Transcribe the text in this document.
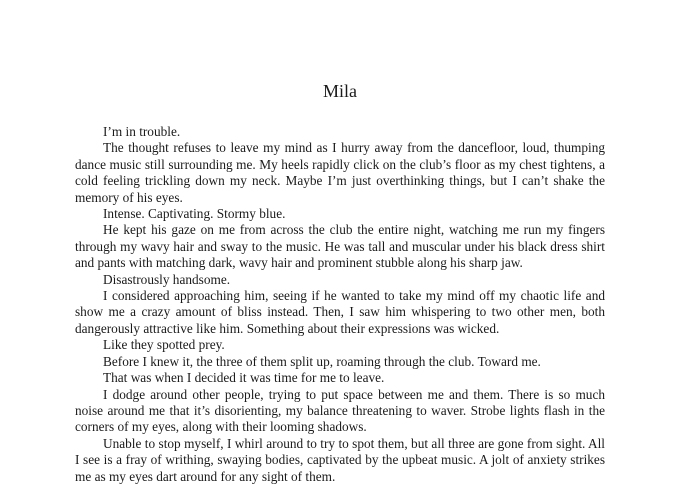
Mila

I’m in trouble.

The thought refuses to leave my mind as I hurry away from the dancefloor, loud, thumping dance music still surrounding me. My heels rapidly click on the club’s floor as my chest tightens, a cold feeling trickling down my neck. Maybe I’m just overthinking things, but I can’t shake the memory of his eyes.

Intense. Captivating. Stormy blue.

He kept his gaze on me from across the club the entire night, watching me run my fingers through my wavy hair and sway to the music. He was tall and muscular under his black dress shirt and pants with matching dark, wavy hair and prominent stubble along his sharp jaw.

Disastrously handsome.

I considered approaching him, seeing if he wanted to take my mind off my chaotic life and show me a crazy amount of bliss instead. Then, I saw him whispering to two other men, both dangerously attractive like him. Something about their expressions was wicked.

Like they spotted prey.

Before I knew it, the three of them split up, roaming through the club. Toward me.

That was when I decided it was time for me to leave.

I dodge around other people, trying to put space between me and them. There is so much noise around me that it’s disorienting, my balance threatening to waver. Strobe lights flash in the corners of my eyes, along with their looming shadows.

Unable to stop myself, I whirl around to try to spot them, but all three are gone from sight. All I see is a fray of writhing, swaying bodies, captivated by the upbeat music. A jolt of anxiety strikes me as my eyes dart around for any sight of them.
